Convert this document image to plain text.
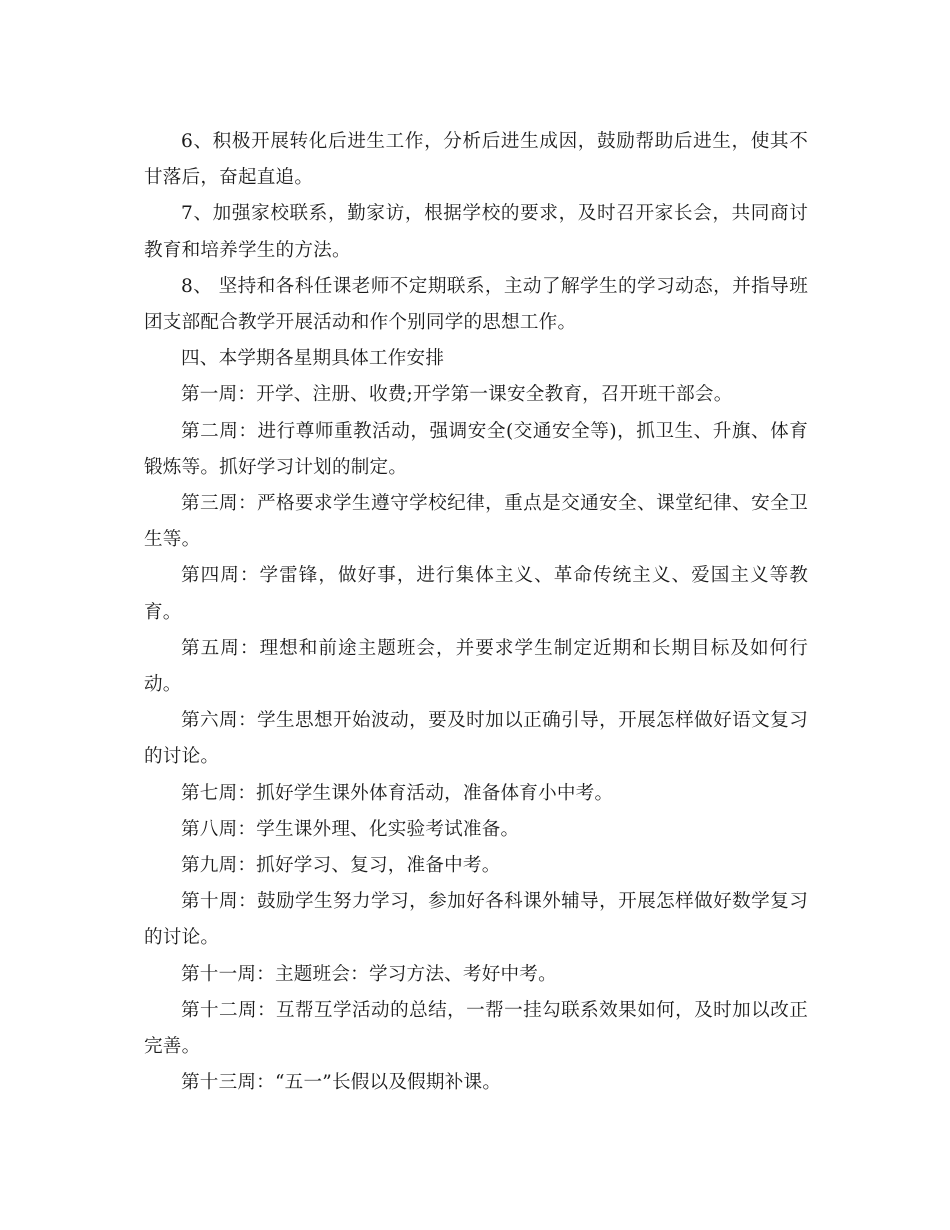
6、积极开展转化后进生工作，分析后进生成因，鼓励帮助后进生，使其不甘落后，奋起直追。

7、加强家校联系，勤家访，根据学校的要求，及时召开家长会，共同商讨教育和培养学生的方法。

8、 坚持和各科任课老师不定期联系，主动了解学生的学习动态，并指导班团支部配合教学开展活动和作个别同学的思想工作。

四、本学期各星期具体工作安排

第一周：开学、注册、收费;开学第一课安全教育，召开班干部会。

第二周：进行尊师重教活动，强调安全(交通安全等)，抓卫生、升旗、体育锻炼等。抓好学习计划的制定。

第三周：严格要求学生遵守学校纪律，重点是交通安全、课堂纪律、安全卫生等。

第四周：学雷锋，做好事，进行集体主义、革命传统主义、爱国主义等教育。

第五周：理想和前途主题班会，并要求学生制定近期和长期目标及如何行动。

第六周：学生思想开始波动，要及时加以正确引导，开展怎样做好语文复习的讨论。

第七周：抓好学生课外体育活动，准备体育小中考。

第八周：学生课外理、化实验考试准备。

第九周：抓好学习、复习，准备中考。

第十周：鼓励学生努力学习，参加好各科课外辅导，开展怎样做好数学复习的讨论。

第十一周：主题班会：学习方法、考好中考。

第十二周：互帮互学活动的总结，一帮一挂勾联系效果如何，及时加以改正完善。

第十三周：“五一”长假以及假期补课。
